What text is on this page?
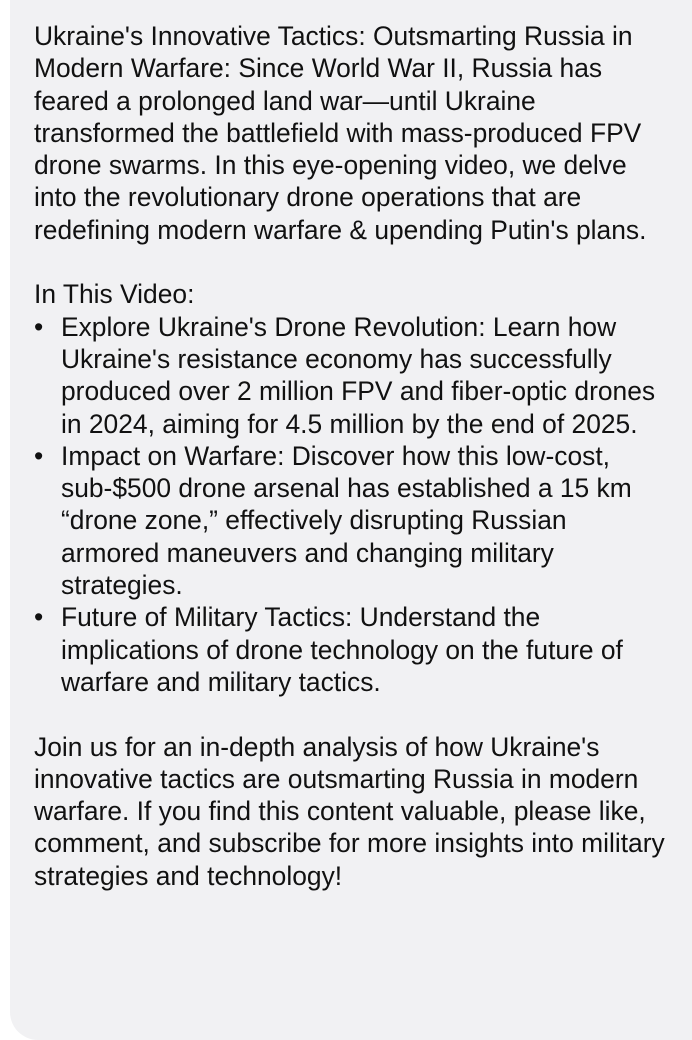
Ukraine's Innovative Tactics: Outsmarting Russia in Modern Warfare: Since World War II, Russia has feared a prolonged land war—until Ukraine transformed the battlefield with mass-produced FPV drone swarms. In this eye-opening video, we delve into the revolutionary drone operations that are redefining modern warfare & upending Putin's plans.

In This Video:

• Explore Ukraine's Drone Revolution: Learn how Ukraine's resistance economy has successfully produced over 2 million FPV and fiber-optic drones in 2024, aiming for 4.5 million by the end of 2025.
• Impact on Warfare: Discover how this low-cost, sub-$500 drone arsenal has established a 15 km “drone zone,” effectively disrupting Russian armored maneuvers and changing military strategies.
• Future of Military Tactics: Understand the implications of drone technology on the future of warfare and military tactics.

Join us for an in-depth analysis of how Ukraine's innovative tactics are outsmarting Russia in modern warfare. If you find this content valuable, please like, comment, and subscribe for more insights into military strategies and technology!
